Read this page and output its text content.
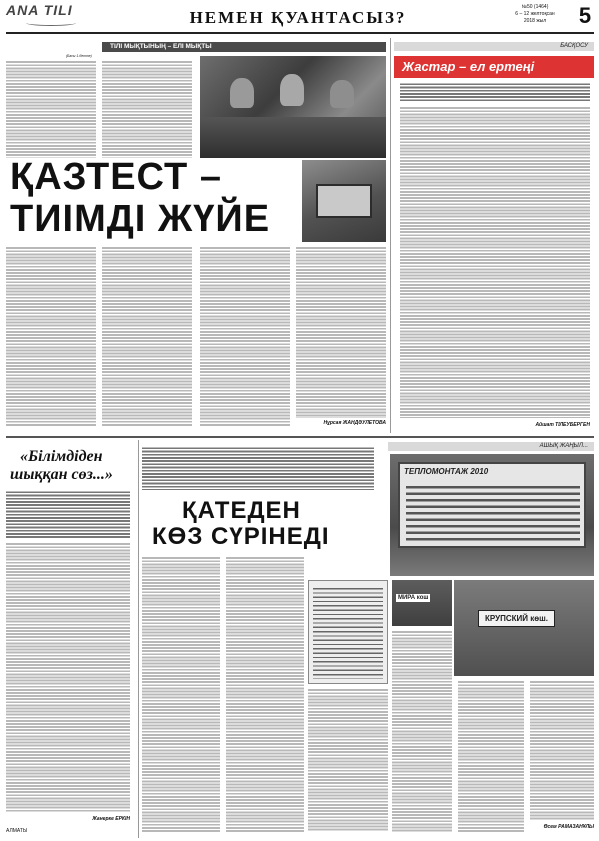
ANA TILI	НЕМЕН ҚУАНТАСЫЗ?
№50 (1464)
6 – 12 желтоқсан
2018 жыл	5
ТІЛІ МЫҚТЫНЫҢ – ЕЛІ МЫҚТЫ
(Басы 1-бетте)
ҚАЗТЕСТ –
ТИІМДІ ЖҮЙЕ
Нұрсая ЖАНДӘУЛЕТОВА
БАСҚОСУ
Жастар – ел ертеңі
Айшат ТІЛЕУБЕРГЕН
«Білімдіден
шыққан сөз...»
Жанерке ЕРКІН
АЛМАТЫ
АШЫҚ ЖАҢЫЛ...
ТЕПЛОМОНТАЖ 2010
ҚАТЕДЕН
КӨЗ СҮРІНЕДІ
МИРА кош
КРУПСКИЙ көш.
Өсем РАМАЗАНҰЛЫ
